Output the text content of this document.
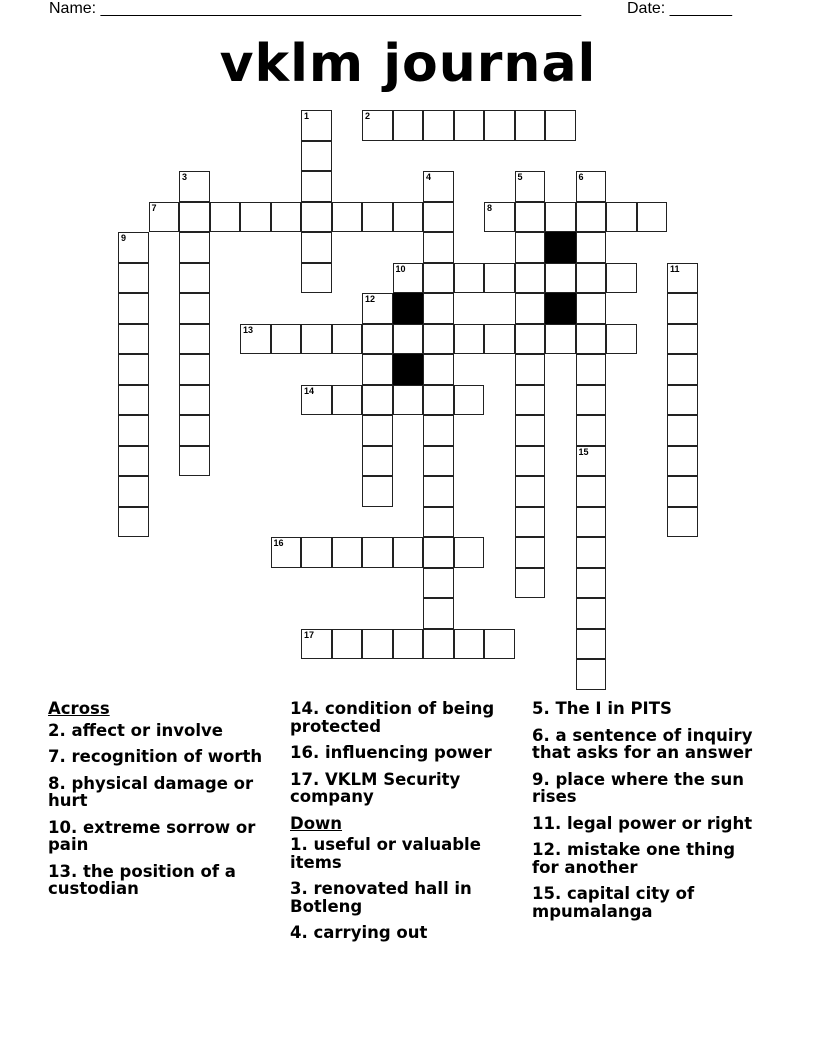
Name: ______________________________________________________	Date: _______
vklm journal
1	2
3	4	5	6
7	8
9
10	11
12
13
14
15
16
17
Across
2. affect or involve
7. recognition of worth
8. physical damage or hurt
10. extreme sorrow or pain
13. the position of a custodian
14. condition of being protected
16. influencing power
17. VKLM Security company
Down
1. useful or valuable items
3. renovated hall in Botleng
4. carrying out
5. The I in PITS
6. a sentence of inquiry that asks for an answer
9. place where the sun rises
11. legal power or right
12. mistake one thing for another
15. capital city of mpumalanga
